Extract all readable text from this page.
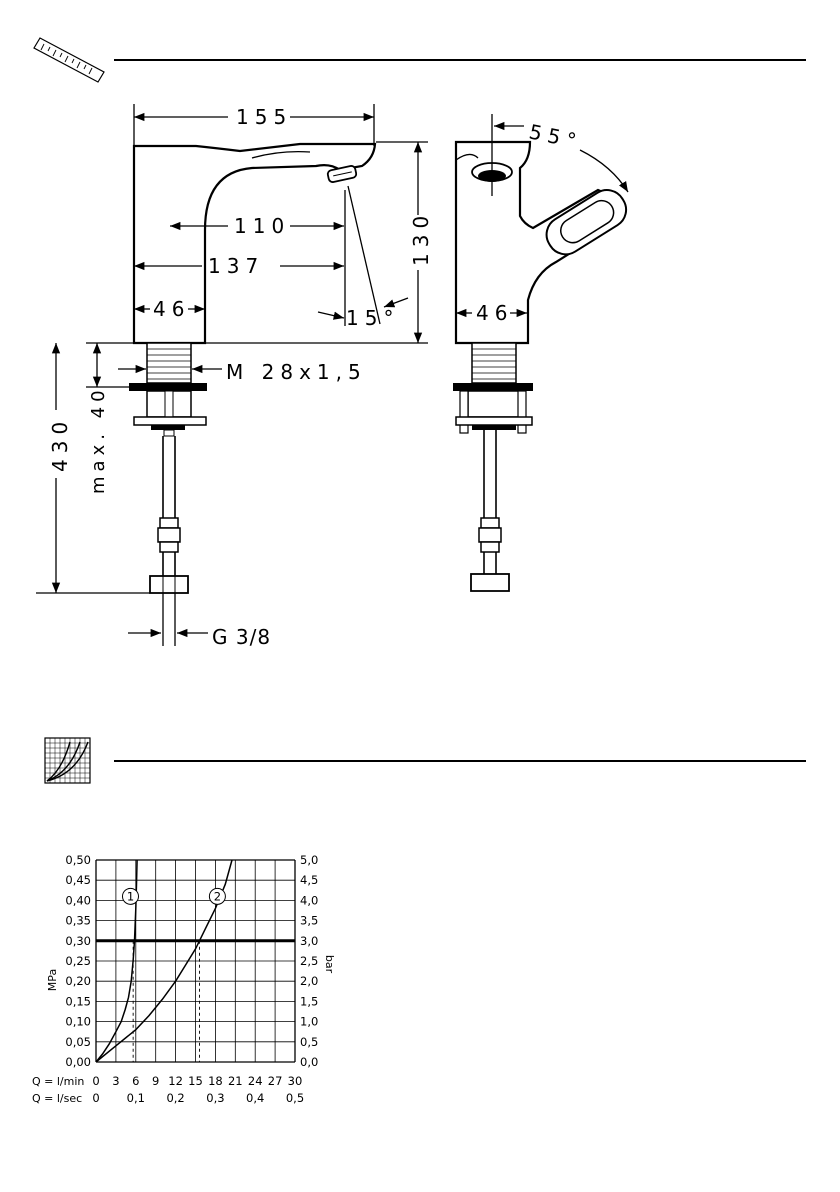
155
110
137
46	15°
130
max. 40
M 28x1,5
430
G 3/8
55°
46
0,00
0,05
0,10
0,15
0,20
0,25
0,30
0,35
0,40
0,45
0,50
0,0
0,5
1,0
1,5
2,0
2,5
3,0
3,5
4,0
4,5
5,0
MPa
bar
Q = l/min
Q = l/sec
0 3 6 9 12 15 18 21 24 27 30
0 0,1 0,2 0,3 0,4 0,5
1	2
